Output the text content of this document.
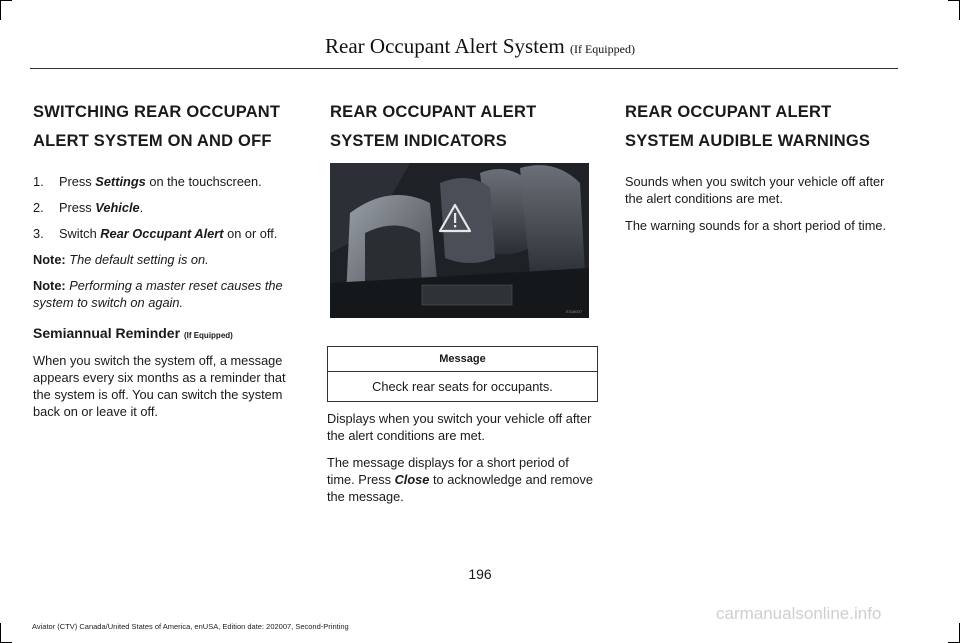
Rear Occupant Alert System (If Equipped)
SWITCHING REAR OCCUPANT ALERT SYSTEM ON AND OFF
1.	Press Settings on the touchscreen.
2.	Press Vehicle.
3.	Switch Rear Occupant Alert on or off.
Note: The default setting is on.
Note: Performing a master reset causes the system to switch on again.
Semiannual Reminder (If Equipped)

When you switch the system off, a message appears every six months as a reminder that the system is off. You can switch the system back on or leave it off.

REAR OCCUPANT ALERT SYSTEM INDICATORS
E318007
Message
Check rear seats for occupants.

Displays when you switch your vehicle off after the alert conditions are met.

The message displays for a short period of time. Press Close to acknowledge and remove the message.

REAR OCCUPANT ALERT SYSTEM AUDIBLE WARNINGS

Sounds when you switch your vehicle off after the alert conditions are met.

The warning sounds for a short period of time.

196
Aviator (CTV) Canada/United States of America, enUSA, Edition date: 202007, Second-Printing
carmanualsonline.info
